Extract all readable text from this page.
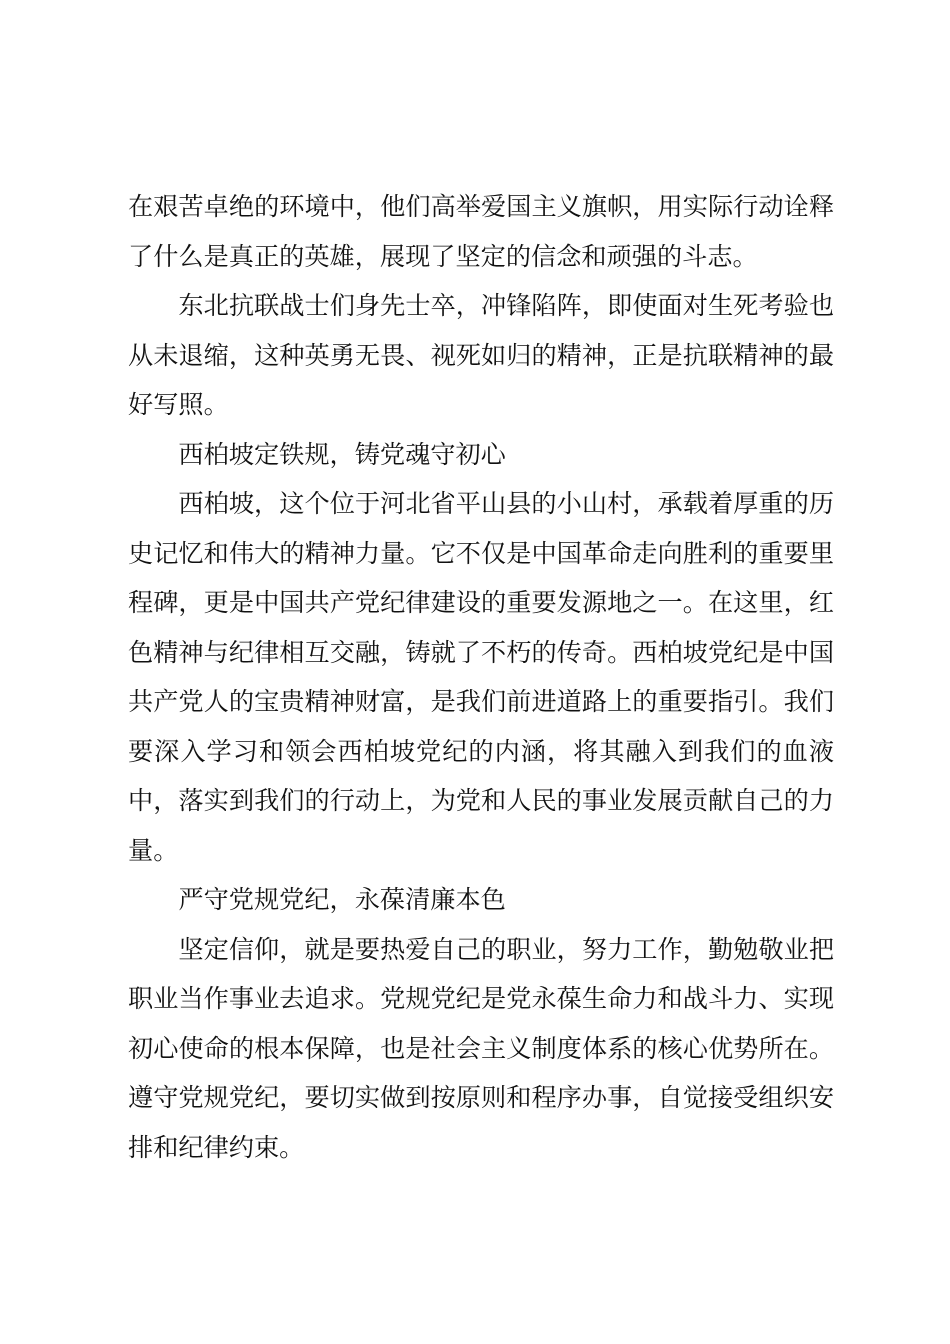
在艰苦卓绝的环境中，他们高举爱国主义旗帜，用实际行动诠释了什么是真正的英雄，展现了坚定的信念和顽强的斗志。

东北抗联战士们身先士卒，冲锋陷阵，即使面对生死考验也从未退缩，这种英勇无畏、视死如归的精神，正是抗联精神的最好写照。

西柏坡定铁规，铸党魂守初心

西柏坡，这个位于河北省平山县的小山村，承载着厚重的历史记忆和伟大的精神力量。它不仅是中国革命走向胜利的重要里程碑，更是中国共产党纪律建设的重要发源地之一。在这里，红色精神与纪律相互交融，铸就了不朽的传奇。西柏坡党纪是中国共产党人的宝贵精神财富，是我们前进道路上的重要指引。我们要深入学习和领会西柏坡党纪的内涵，将其融入到我们的血液中，落实到我们的行动上，为党和人民的事业发展贡献自己的力量。

严守党规党纪，永葆清廉本色

坚定信仰，就是要热爱自己的职业，努力工作，勤勉敬业把职业当作事业去追求。党规党纪是党永葆生命力和战斗力、实现初心使命的根本保障，也是社会主义制度体系的核心优势所在。遵守党规党纪，要切实做到按原则和程序办事，自觉接受组织安排和纪律约束。
